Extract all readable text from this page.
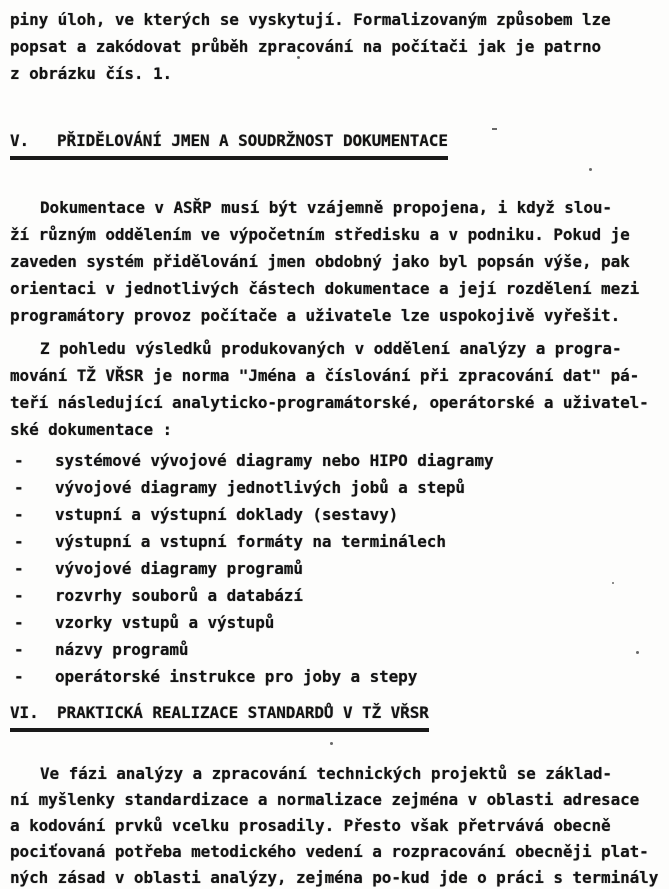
piny úloh, ve kterých se vyskytují. Formalizovaným způsobem lze
popsat a zakódovat průběh zpracování na počítači jak je patrno
z obrázku čís. 1.
V. PŘIDĚLOVÁNÍ JMEN A SOUDRŽNOST DOKUMENTACE
Dokumentace v ASŘP musí být vzájemně propojena, i když slou-
ží různým oddělením ve výpočetním středisku a v podniku. Pokud je
zaveden systém přidělování jmen obdobný jako byl popsán výše, pak
orientaci v jednotlivých částech dokumentace a její rozdělení mezi
programátory provoz počítače a uživatele lze uspokojivě vyřešit.
Z pohledu výsledků produkovaných v oddělení analýzy a progra-
mování TŽ VŘSR je norma "Jména a číslování při zpracování dat" pá-
teří následující analyticko-programátorské, operátorské a uživatel-
ské dokumentace :
-	systémové vývojové diagramy nebo HIPO diagramy
-	vývojové diagramy jednotlivých jobů a stepů
-	vstupní a výstupní doklady (sestavy)
-	výstupní a vstupní formáty na terminálech
-	vývojové diagramy programů
-	rozvrhy souborů a databází
-	vzorky vstupů a výstupů
-	názvy programů
-	operátorské instrukce pro joby a stepy
VI. PRAKTICKÁ REALIZACE STANDARDŮ V TŽ VŘSR
Ve fázi analýzy a zpracování technických projektů se základ-
ní myšlenky standardizace a normalizace zejména v oblasti adresace
a kodování prvků vcelku prosadily. Přesto však přetrvává obecně
pociťovaná potřeba metodického vedení a rozpracování obecněji plat-
ných zásad v oblasti analýzy, zejména po-kud jde o práci s terminály
